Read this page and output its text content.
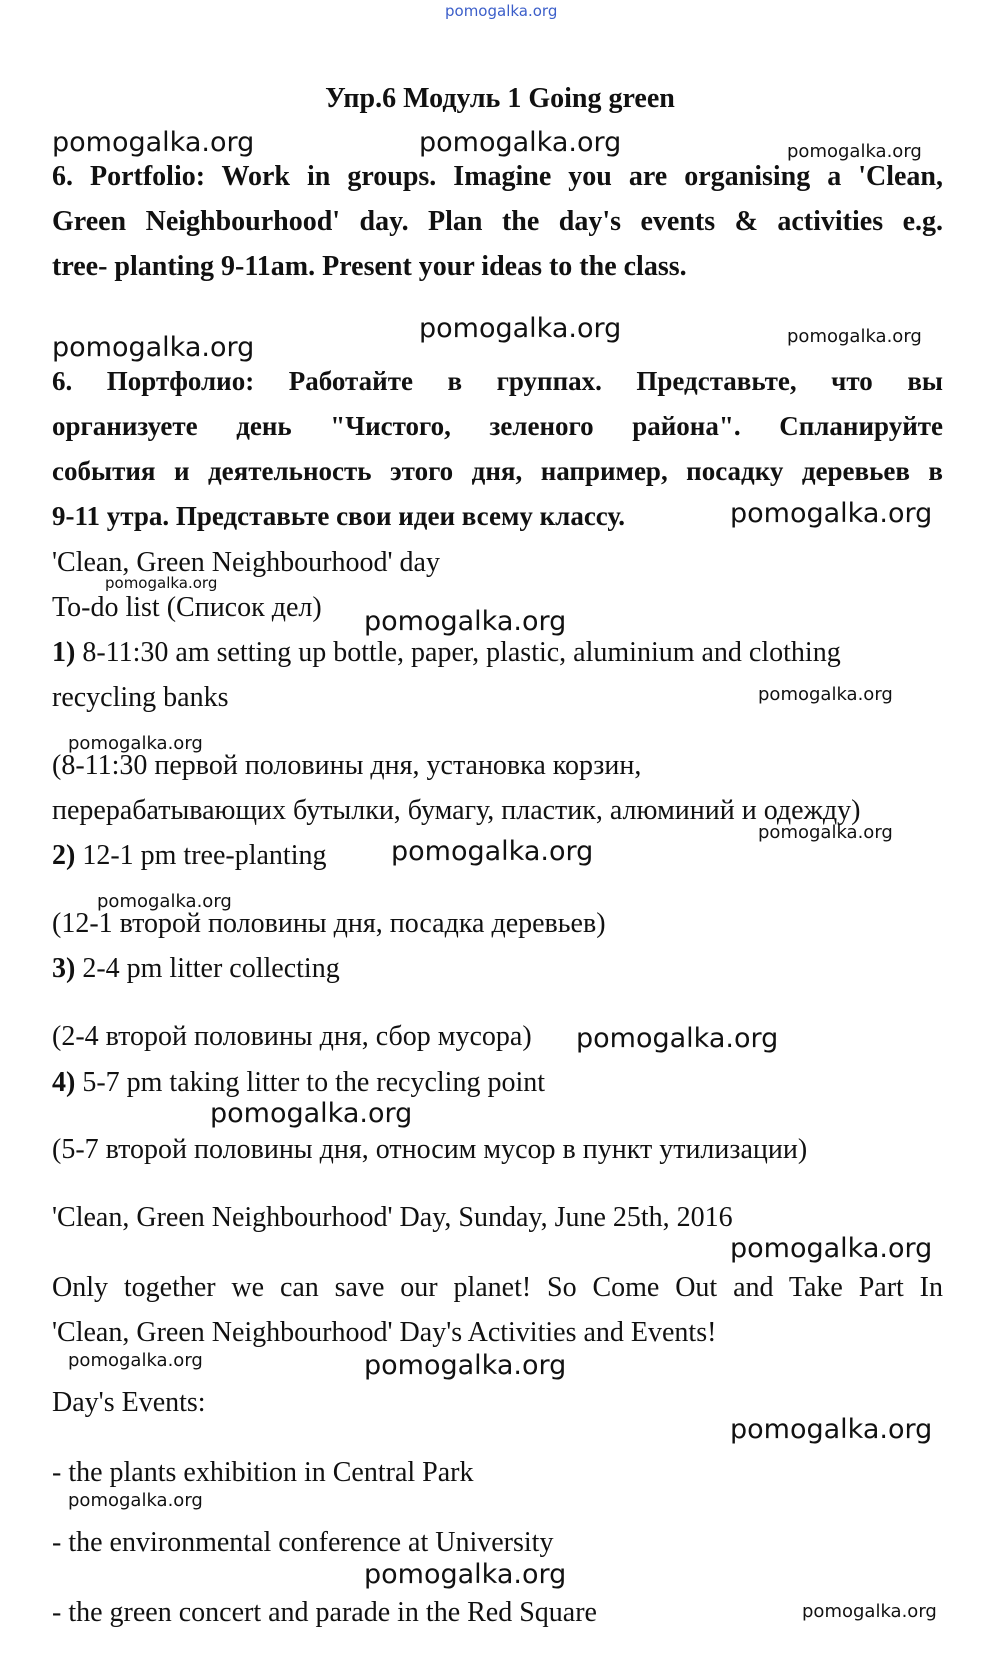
pomogalka.org
Упр.6 Модуль 1 Going green
6. Portfolio: Work in groups. Imagine you are organising a 'Clean,
Green Neighbourhood' day. Plan the day's events & activities e.g.
tree- planting 9-11am. Present your ideas to the class.
6. Портфолио: Работайте в группах. Представьте, что вы
организуете день "Чистого, зеленого района". Спланируйте
события и деятельность этого дня, например, посадку деревьев в
9-11 утра. Представьте свои идеи всему классу.
'Clean, Green Neighbourhood' day
To-do list (Список дел)
1) 8-11:30 am setting up bottle, paper, plastic, aluminium and clothing
recycling banks
(8-11:30 первой половины дня, установка корзин,
перерабатывающих бутылки, бумагу, пластик, алюминий и одежду)
2) 12-1 pm tree-planting
(12-1 второй половины дня, посадка деревьев)
3) 2-4 pm litter collecting
(2-4 второй половины дня, сбор мусора)
4) 5-7 pm taking litter to the recycling point
(5-7 второй половины дня, относим мусор в пункт утилизации)
'Clean, Green Neighbourhood' Day, Sunday, June 25th, 2016
Only together we can save our planet! So Come Out and Take Part In
'Clean, Green Neighbourhood' Day's Activities and Events!
Day's Events:
- the plants exhibition in Central Park
- the environmental conference at University
- the green concert and parade in the Red Square
pomogalka.org	pomogalka.org	pomogalka.org
pomogalka.org	pomogalka.org
pomogalka.org
pomogalka.org
pomogalka.org
pomogalka.org
pomogalka.org
pomogalka.org
pomogalka.org
pomogalka.org
pomogalka.org
pomogalka.org
pomogalka.org
pomogalka.org
pomogalka.org	pomogalka.org
pomogalka.org
pomogalka.org
pomogalka.org
pomogalka.org
